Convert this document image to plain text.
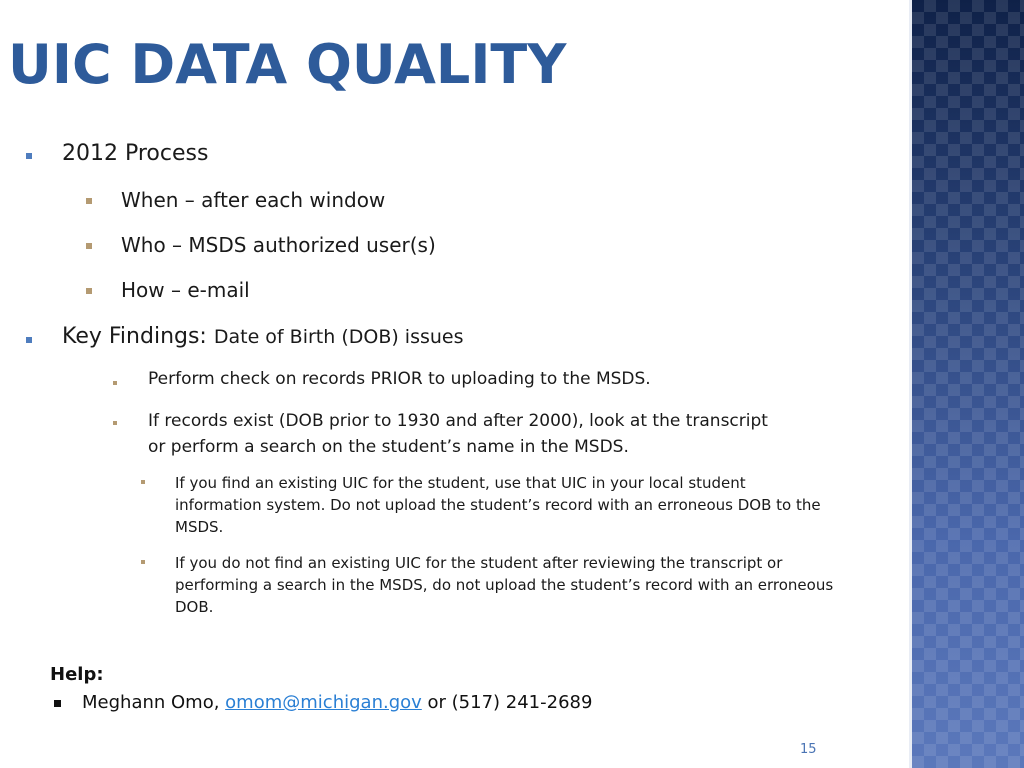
UIC DATA QUALITY
2012 Process
When – after each window
Who – MSDS authorized user(s)
How – e-mail
Key Findings: Date of Birth (DOB) issues
Perform check on records PRIOR to uploading to the MSDS.
If records exist (DOB prior to 1930 and after 2000), look at the transcript or perform a search on the student’s name in the MSDS.
If you find an existing UIC for the student, use that UIC in your local student information system. Do not upload the student’s record with an erroneous DOB to the MSDS.
If you do not find an existing UIC for the student after reviewing the transcript or performing a search in the MSDS, do not upload the student’s record with an erroneous DOB.
Help:
Meghann Omo, omom@michigan.gov or (517) 241-2689
15
